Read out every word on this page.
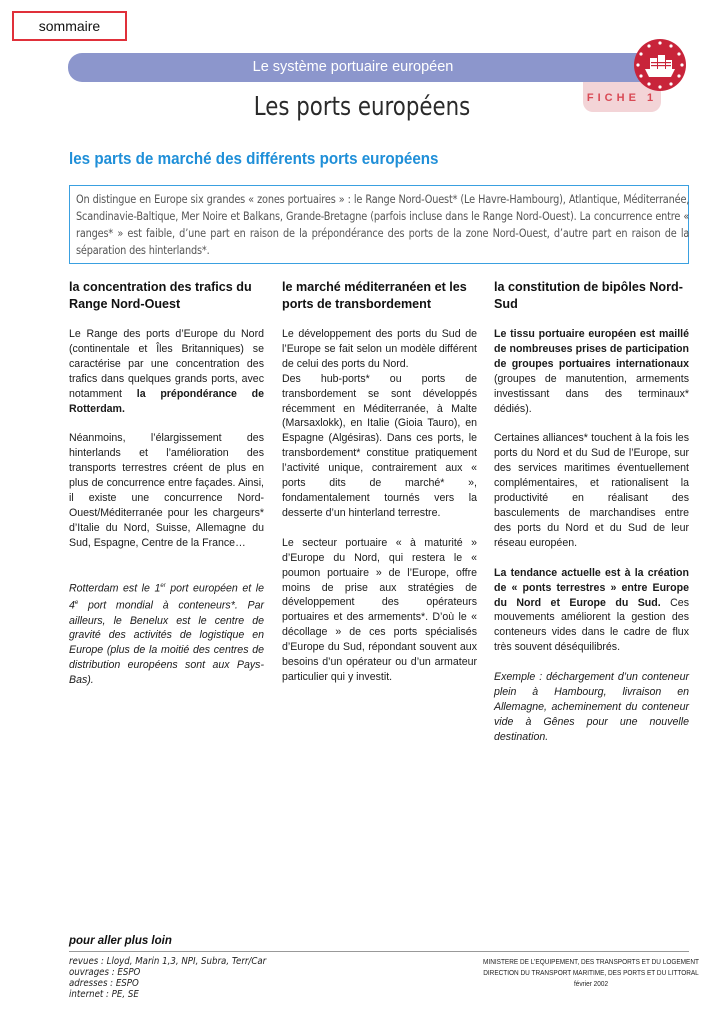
sommaire
Le système portuaire européen
FICHE 1
Les ports européens
les parts de marché des différents ports européens
On distingue en Europe six grandes « zones portuaires » : le Range Nord-Ouest* (Le Havre-Hambourg), Atlantique, Méditerranée, Scandinavie-Baltique, Mer Noire et Balkans, Grande-Bretagne (parfois incluse dans le Range Nord-Ouest). La concurrence entre « ranges* » est faible, d’une part en raison de la prépondérance des ports de la zone Nord-Ouest, d’autre part en raison de la séparation des hinterlands*.
la concentration des trafics du Range Nord-Ouest

Le Range des ports d’Europe du Nord (continentale et Îles Britanniques) se caractérise par une concentration des trafics dans quelques grands ports, avec notamment la prépondérance de Rotterdam.

Néanmoins, l’élargissement des hinterlands et l’amélioration des transports terrestres créent de plus en plus de concurrence entre façades. Ainsi, il existe une concurrence Nord-Ouest/Méditerranée pour les chargeurs* d’Italie du Nord, Suisse, Allemagne du Sud, Espagne, Centre de la France…

Rotterdam est le 1er port européen et le 4e port mondial à conteneurs*. Par ailleurs, le Benelux est le centre de gravité des activités de logistique en Europe (plus de la moitié des centres de distribution européens sont aux Pays-Bas).

le marché méditerranéen et les ports de transbordement

Le développement des ports du Sud de l’Europe se fait selon un modèle différent de celui des ports du Nord.

Des hub-ports* ou ports de transbordement se sont développés récemment en Méditerranée, à Malte (Marsaxlokk), en Italie (Gioia Tauro), en Espagne (Algésiras). Dans ces ports, le transbordement* constitue pratiquement l’activité unique, contrairement aux « ports dits de marché* », fondamentalement tournés vers la desserte d’un hinterland terrestre.

Le secteur portuaire « à maturité » d’Europe du Nord, qui restera le « poumon portuaire » de l’Europe, offre moins de prise aux stratégies de développement des opérateurs portuaires et des armements*. D’où le « décollage » de ces ports spécialisés d’Europe du Sud, répondant souvent aux besoins d’un opérateur ou d’un armateur particulier qui y investit.

la constitution de bipôles Nord-Sud

Le tissu portuaire européen est maillé de nombreuses prises de participation de groupes portuaires internationaux (groupes de manutention, armements investissant dans des terminaux* dédiés).

Certaines alliances* touchent à la fois les ports du Nord et du Sud de l’Europe, sur des services maritimes éventuellement complémentaires, et rationalisent la productivité en réalisant des basculements de marchandises entre des ports du Nord et du Sud de leur réseau européen.

La tendance actuelle est à la création de « ponts terrestres » entre Europe du Nord et Europe du Sud. Ces mouvements améliorent la gestion des conteneurs vides dans le cadre de flux très souvent déséquilibrés.

Exemple : déchargement d’un conteneur plein à Hambourg, livraison en Allemagne, acheminement du conteneur vide à Gênes pour une nouvelle destination.

pour aller plus loin
revues : Lloyd, Marin 1,3, NPI, Subra, Terr/Car
ouvrages : ESPO
adresses : ESPO
internet : PE, SE
MINISTERE DE L’EQUIPEMENT, DES TRANSPORTS ET DU LOGEMENT
DIRECTION DU TRANSPORT MARITIME, DES PORTS ET DU LITTORAL
février 2002
